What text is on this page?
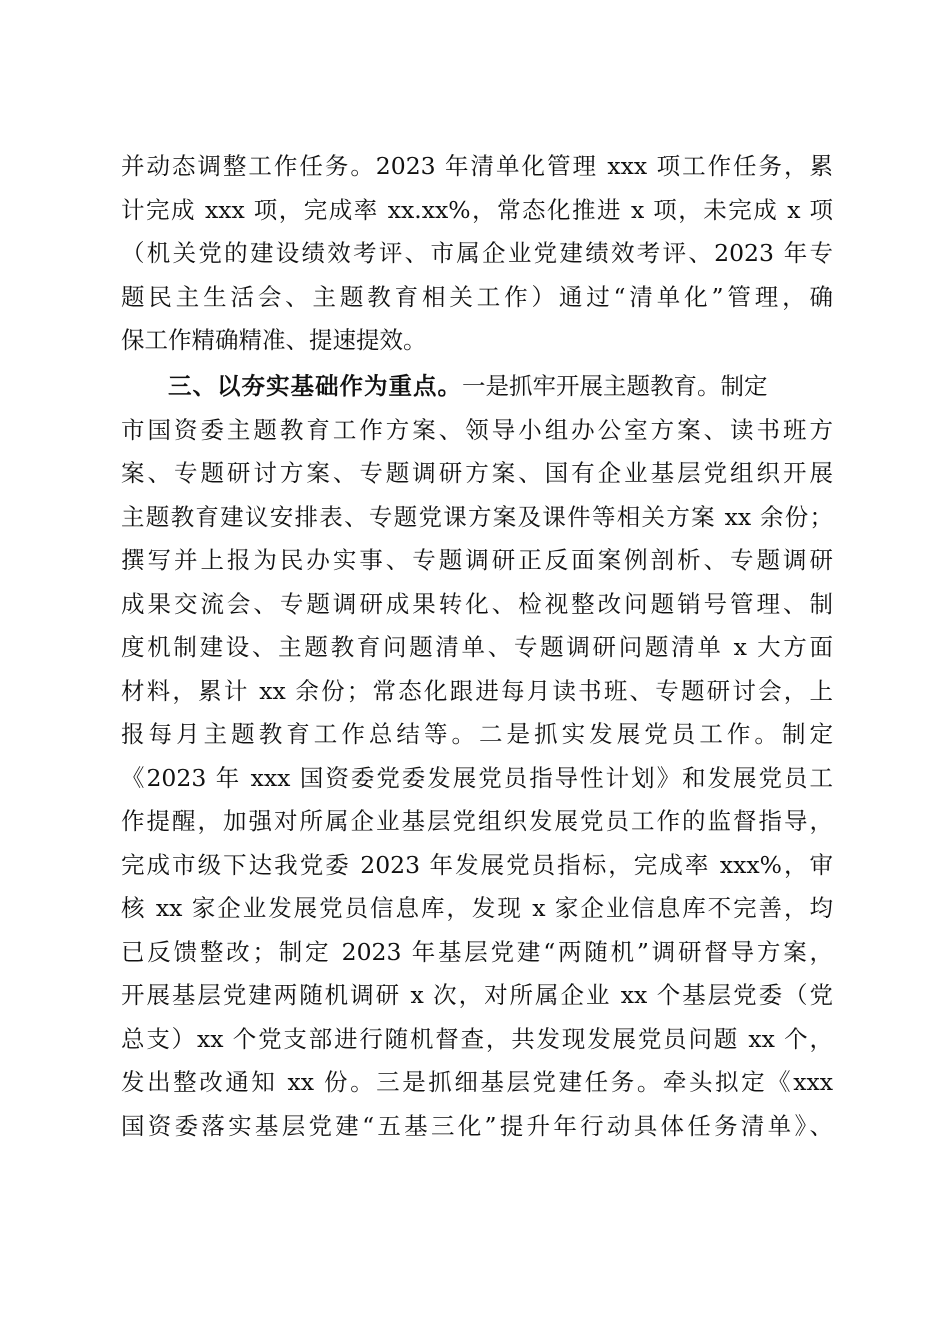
并动态调整工作任务。2023 年清单化管理 xxx 项工作任务，累
计完成 xxx 项，完成率 xx.xx%，常态化推进 x 项，未完成 x 项
（机关党的建设绩效考评、市属企业党建绩效考评、2023 年专
题民主生活会、主题教育相关工作）通过“清单化”管理，确
保工作精确精准、提速提效。
三、以夯实基础作为重点。一是抓牢开展主题教育。制定
市国资委主题教育工作方案、领导小组办公室方案、读书班方
案、专题研讨方案、专题调研方案、国有企业基层党组织开展
主题教育建议安排表、专题党课方案及课件等相关方案 xx 余份；
撰写并上报为民办实事、专题调研正反面案例剖析、专题调研
成果交流会、专题调研成果转化、检视整改问题销号管理、制
度机制建设、主题教育问题清单、专题调研问题清单 x 大方面
材料，累计 xx 余份；常态化跟进每月读书班、专题研讨会，上
报每月主题教育工作总结等。二是抓实发展党员工作。制定
《2023 年 xxx 国资委党委发展党员指导性计划》和发展党员工
作提醒，加强对所属企业基层党组织发展党员工作的监督指导，
完成市级下达我党委 2023 年发展党员指标，完成率 xxx%，审
核 xx 家企业发展党员信息库，发现 x 家企业信息库不完善，均
已反馈整改；制定 2023 年基层党建“两随机”调研督导方案，
开展基层党建两随机调研 x 次，对所属企业 xx 个基层党委（党
总支）xx 个党支部进行随机督查，共发现发展党员问题 xx 个，
发出整改通知 xx 份。三是抓细基层党建任务。牵头拟定《xxx
国资委落实基层党建“五基三化”提升年行动具体任务清单》、
